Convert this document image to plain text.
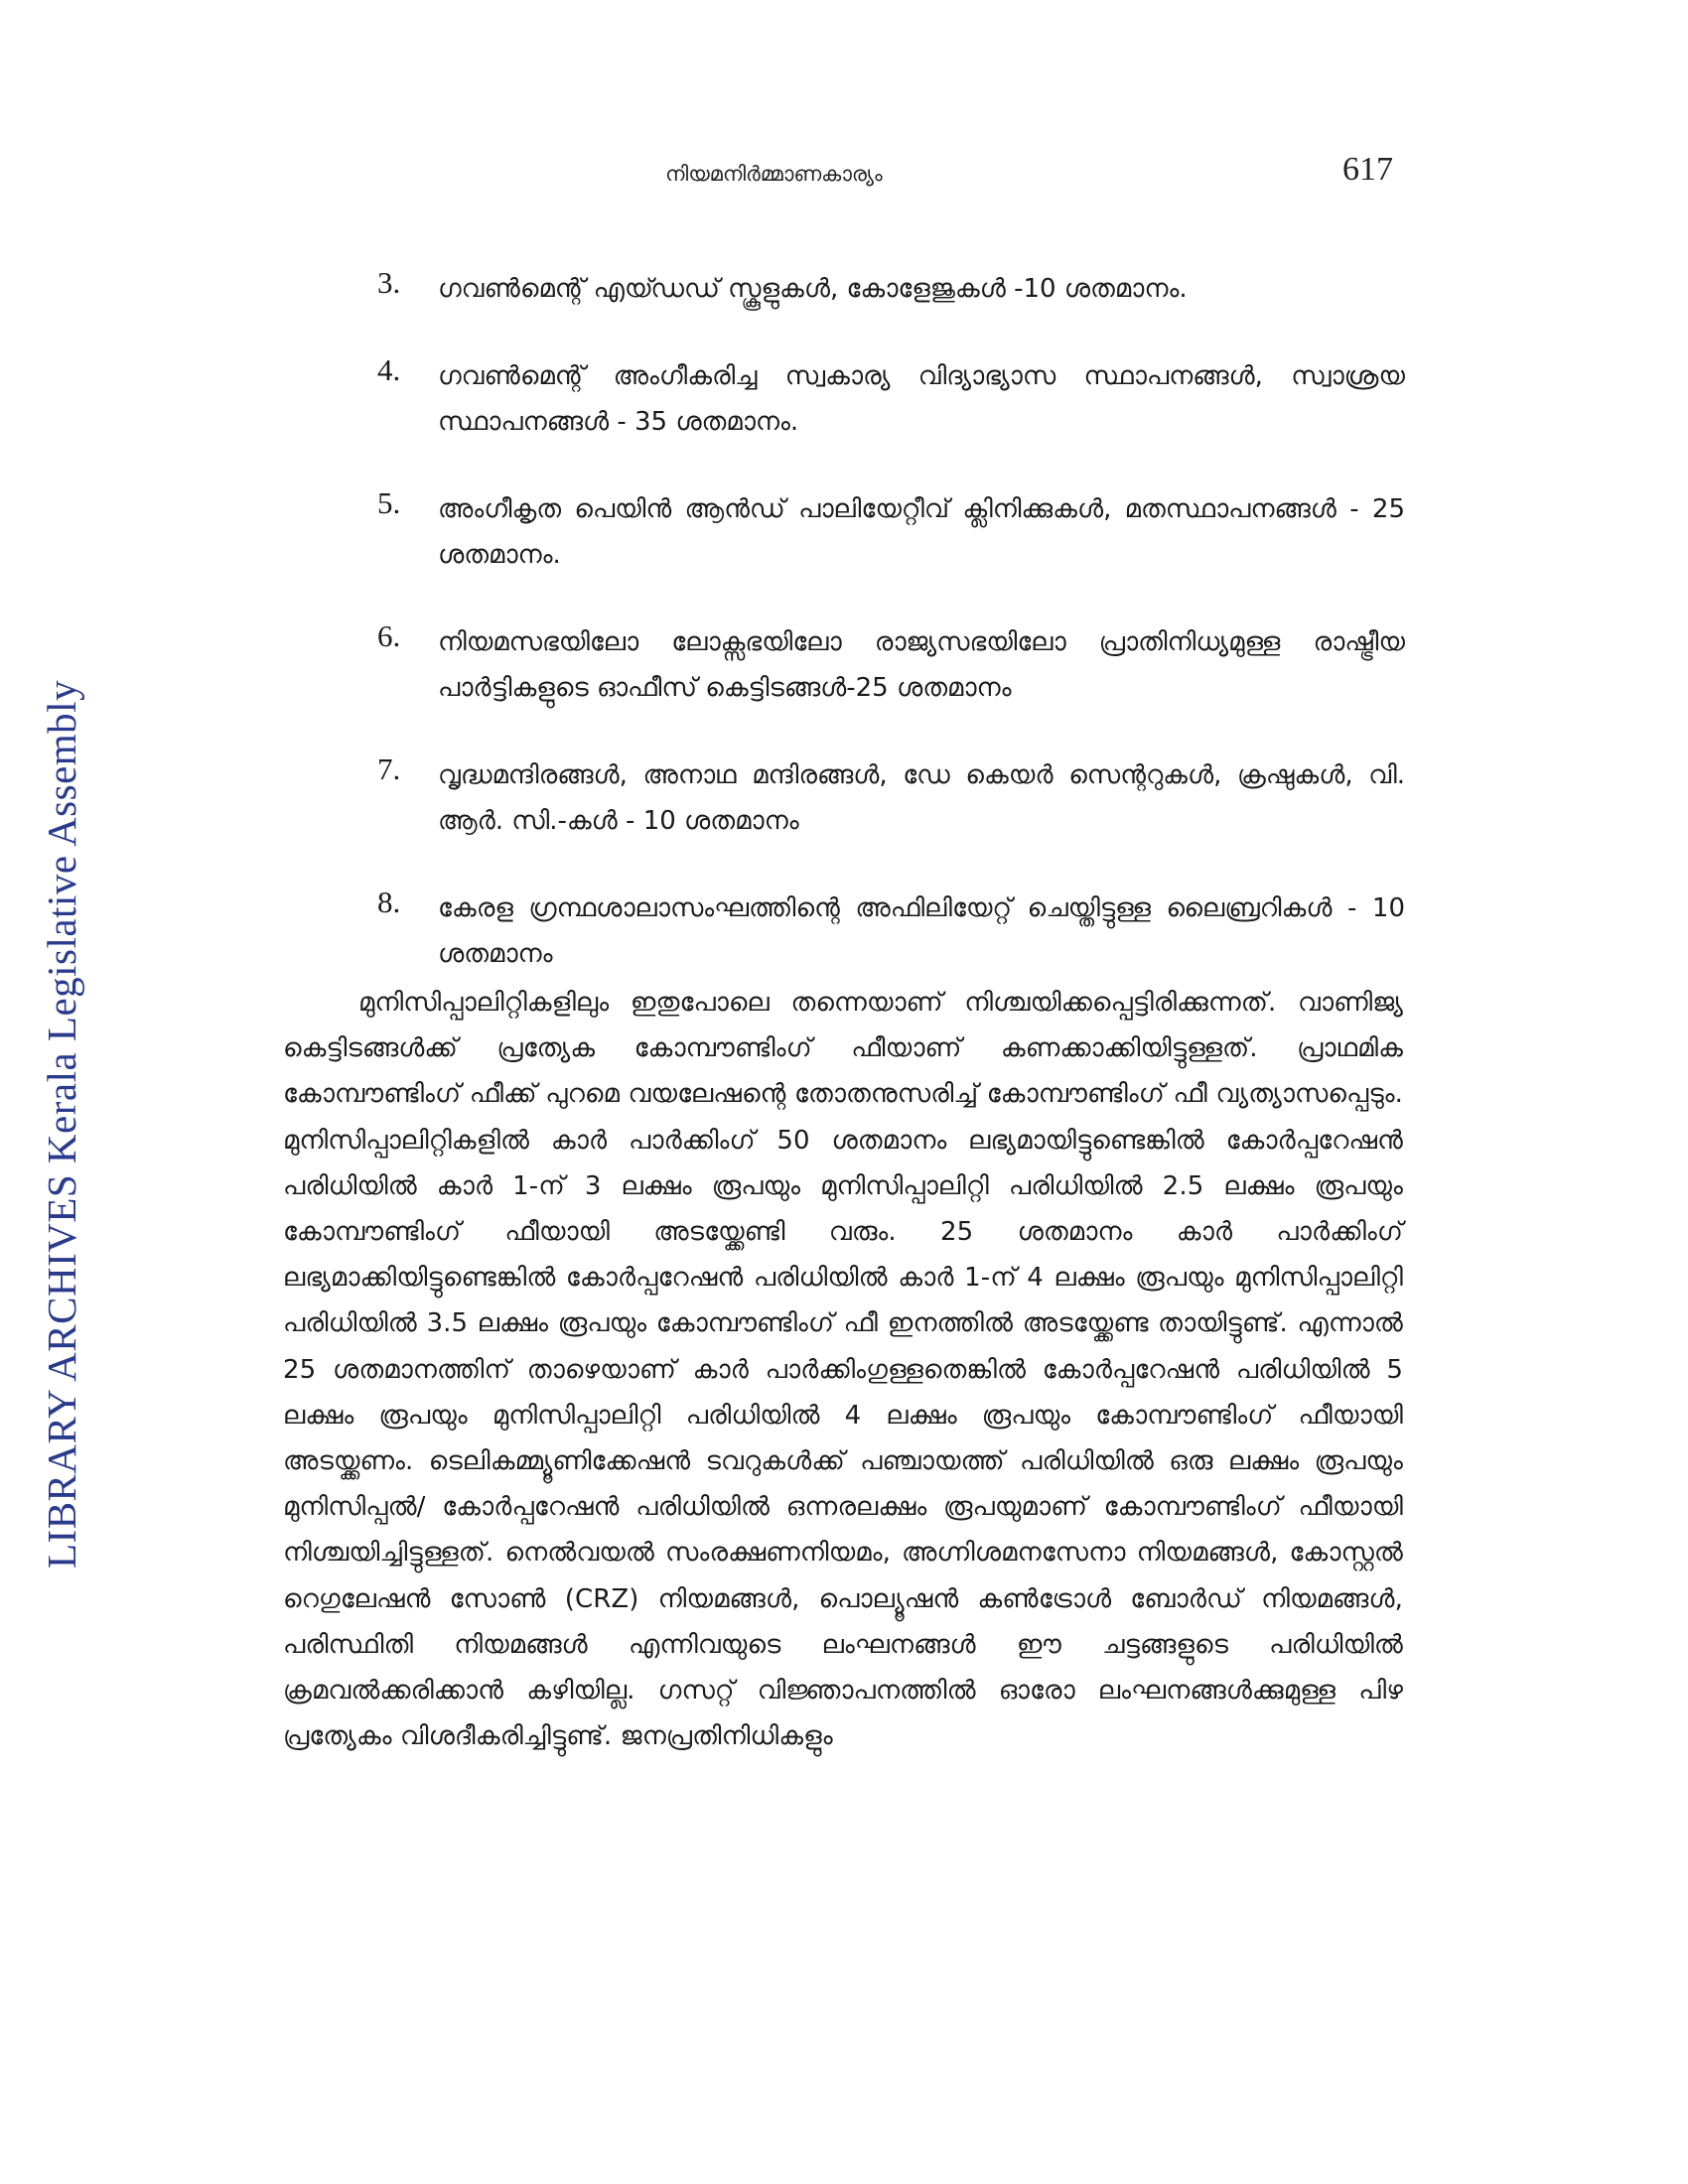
LIBRARY ARCHIVES Kerala Legislative Assembly
നിയമനിർമ്മാണകാര്യം	617
3. ഗവൺമെന്റ് എയ്ഡഡ് സ്കൂളുകൾ, കോളേജുകൾ -10 ശതമാനം.
4. ഗവൺമെന്റ് അംഗീകരിച്ച സ്വകാര്യ വിദ്യാഭ്യാസ സ്ഥാപനങ്ങൾ, സ്വാശ്രയ സ്ഥാപനങ്ങൾ - 35 ശതമാനം.
5. അംഗീകൃത പെയിൻ ആൻഡ് പാലിയേറ്റീവ് ക്ലിനിക്കുകൾ, മതസ്ഥാപനങ്ങൾ - 25 ശതമാനം.
6. നിയമസഭയിലോ ലോക്സഭയിലോ രാജ്യസഭയിലോ പ്രാതിനിധ്യമുള്ള രാഷ്ട്രീയ പാർട്ടികളുടെ ഓഫീസ് കെട്ടിടങ്ങൾ-25 ശതമാനം
7. വൃദ്ധമന്ദിരങ്ങൾ, അനാഥ മന്ദിരങ്ങൾ, ഡേ കെയർ സെന്ററുകൾ, ക്രഷുകൾ, വി. ആർ. സി.-കൾ - 10 ശതമാനം
8. കേരള ഗ്രന്ഥശാലാസംഘത്തിന്റെ അഫിലിയേറ്റ് ചെയ്തിട്ടുള്ള ലൈബ്രറികൾ - 10 ശതമാനം
മുനിസിപ്പാലിറ്റികളിലും ഇതുപോലെ തന്നെയാണ് നിശ്ചയിക്കപ്പെട്ടിരിക്കുന്നത്. വാണിജ്യ കെട്ടിടങ്ങൾക്ക് പ്രത്യേക കോമ്പൗണ്ടിംഗ് ഫീയാണ് കണക്കാക്കിയിട്ടുള്ളത്. പ്രാഥമിക കോമ്പൗണ്ടിംഗ് ഫീക്ക് പുറമെ വയലേഷന്റെ തോതനുസരിച്ച് കോമ്പൗണ്ടിംഗ് ഫീ വ്യത്യാസപ്പെടും. മുനിസിപ്പാലിറ്റികളിൽ കാർ പാർക്കിംഗ് 50 ശതമാനം ലഭ്യമായിട്ടുണ്ടെങ്കിൽ കോർപ്പറേഷൻ പരിധിയിൽ കാർ 1-ന് 3 ലക്ഷം രൂപയും മുനിസിപ്പാലിറ്റി പരിധിയിൽ 2.5 ലക്ഷം രൂപയും കോമ്പൗണ്ടിംഗ് ഫീയായി അടയ്ക്കേണ്ടി വരും. 25 ശതമാനം കാർ പാർക്കിംഗ് ലഭ്യമാക്കിയിട്ടുണ്ടെങ്കിൽ കോർപ്പറേഷൻ പരിധിയിൽ കാർ 1-ന് 4 ലക്ഷം രൂപയും മുനിസിപ്പാലിറ്റി പരിധിയിൽ 3.5 ലക്ഷം രൂപയും കോമ്പൗണ്ടിംഗ് ഫീ ഇനത്തിൽ അടയ്ക്കേണ്ട തായിട്ടുണ്ട്. എന്നാൽ 25 ശതമാനത്തിന് താഴെയാണ് കാർ പാർക്കിംഗുള്ളതെങ്കിൽ കോർപ്പറേഷൻ പരിധിയിൽ 5 ലക്ഷം രൂപയും മുനിസിപ്പാലിറ്റി പരിധിയിൽ 4 ലക്ഷം രൂപയും കോമ്പൗണ്ടിംഗ് ഫീയായി അടയ്ക്കണം. ടെലികമ്മ്യൂണിക്കേഷൻ ടവറുകൾക്ക് പഞ്ചായത്ത് പരിധിയിൽ ഒരു ലക്ഷം രൂപയും മുനിസിപ്പൽ/ കോർപ്പറേഷൻ പരിധിയിൽ ഒന്നരലക്ഷം രൂപയുമാണ് കോമ്പൗണ്ടിംഗ് ഫീയായി നിശ്ചയിച്ചിട്ടുള്ളത്. നെൽവയൽ സംരക്ഷണനിയമം, അഗ്നിശമനസേനാ നിയമങ്ങൾ, കോസ്റ്റൽ റെഗുലേഷൻ സോൺ (CRZ) നിയമങ്ങൾ, പൊല്യൂഷൻ കൺട്രോൾ ബോർഡ് നിയമങ്ങൾ, പരിസ്ഥിതി നിയമങ്ങൾ എന്നിവയുടെ ലംഘനങ്ങൾ ഈ ചട്ടങ്ങളുടെ പരിധിയിൽ ക്രമവൽക്കരിക്കാൻ കഴിയില്ല. ഗസറ്റ് വിജ്ഞാപനത്തിൽ ഓരോ ലംഘനങ്ങൾക്കുമുള്ള പിഴ പ്രത്യേകം വിശദീകരിച്ചിട്ടുണ്ട്. ജനപ്രതിനിധികളും
